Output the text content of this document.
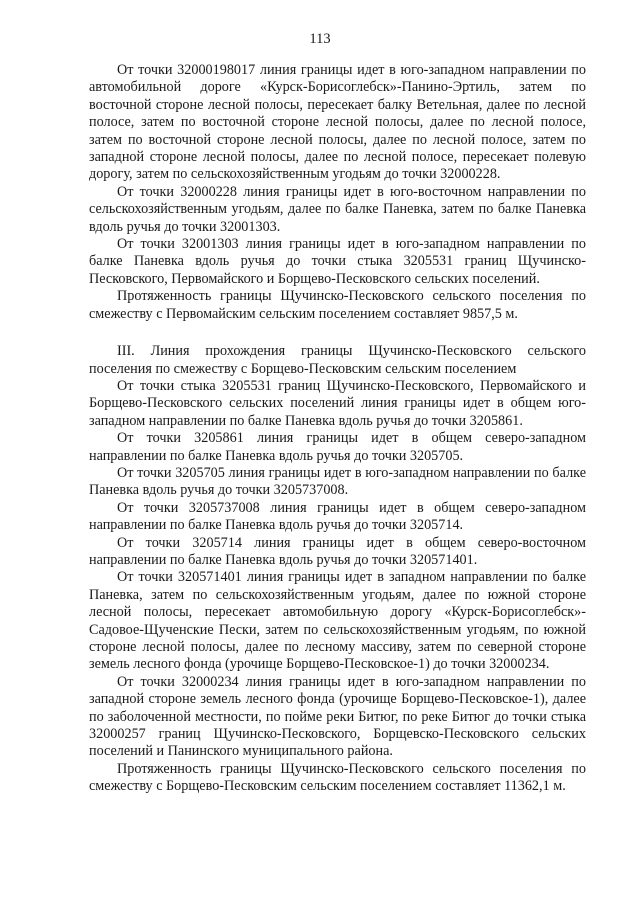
113

От точки 32000198017 линия границы идет в юго-западном направлении по автомобильной дороге «Курск-Борисоглебск»-Панино-Эртиль, затем по восточной стороне лесной полосы, пересекает балку Ветельная, далее по лесной полосе, затем по восточной стороне лесной полосы, далее по лесной полосе, затем по восточной стороне лесной полосы, далее по лесной полосе, затем по западной стороне лесной полосы, далее по лесной полосе, пересекает полевую дорогу, затем по сельскохозяйственным угодьям до точки 32000228.

От точки 32000228 линия границы идет в юго-восточном направлении по сельскохозяйственным угодьям, далее по балке Паневка, затем по балке Паневка вдоль ручья до точки 32001303.

От точки 32001303 линия границы идет в юго-западном направлении по балке Паневка вдоль ручья до точки стыка 3205531 границ Щучинско-Песковского, Первомайского и Борщево-Песковского сельских поселений.

Протяженность границы Щучинско-Песковского сельского поселения по смежеству с Первомайским сельским поселением составляет 9857,5 м.

III. Линия прохождения границы Щучинско-Песковского сельского поселения по смежеству с Борщево-Песковским сельским поселением

От точки стыка 3205531 границ Щучинско-Песковского, Первомайского и Борщево-Песковского сельских поселений линия границы идет в общем юго-западном направлении по балке Паневка вдоль ручья до точки 3205861.

От точки 3205861 линия границы идет в общем северо-западном направлении по балке Паневка вдоль ручья до точки 3205705.

От точки 3205705 линия границы идет в юго-западном направлении по балке Паневка вдоль ручья до точки 3205737008.

От точки 3205737008 линия границы идет в общем северо-западном направлении по балке Паневка вдоль ручья до точки 3205714.

От точки 3205714 линия границы идет в общем северо-восточном направлении по балке Паневка вдоль ручья до точки 320571401.

От точки 320571401 линия границы идет в западном направлении по балке Паневка, затем по сельскохозяйственным угодьям, далее по южной стороне лесной полосы, пересекает автомобильную дорогу «Курск-Борисоглебск»-Садовое-Щученские Пески, затем по сельскохозяйственным угодьям, по южной стороне лесной полосы, далее по лесному массиву, затем по северной стороне земель лесного фонда (урочище Борщево-Песковское-1) до точки 32000234.

От точки 32000234 линия границы идет в юго-западном направлении по западной стороне земель лесного фонда (урочище Борщево-Песковское-1), далее по заболоченной местности, по пойме реки Битюг, по реке Битюг до точки стыка 32000257 границ Щучинско-Песковского, Борщевско-Песковского сельских поселений и Панинского муниципального района.

Протяженность границы Щучинско-Песковского сельского поселения по смежеству с Борщево-Песковским сельским поселением составляет 11362,1 м.
